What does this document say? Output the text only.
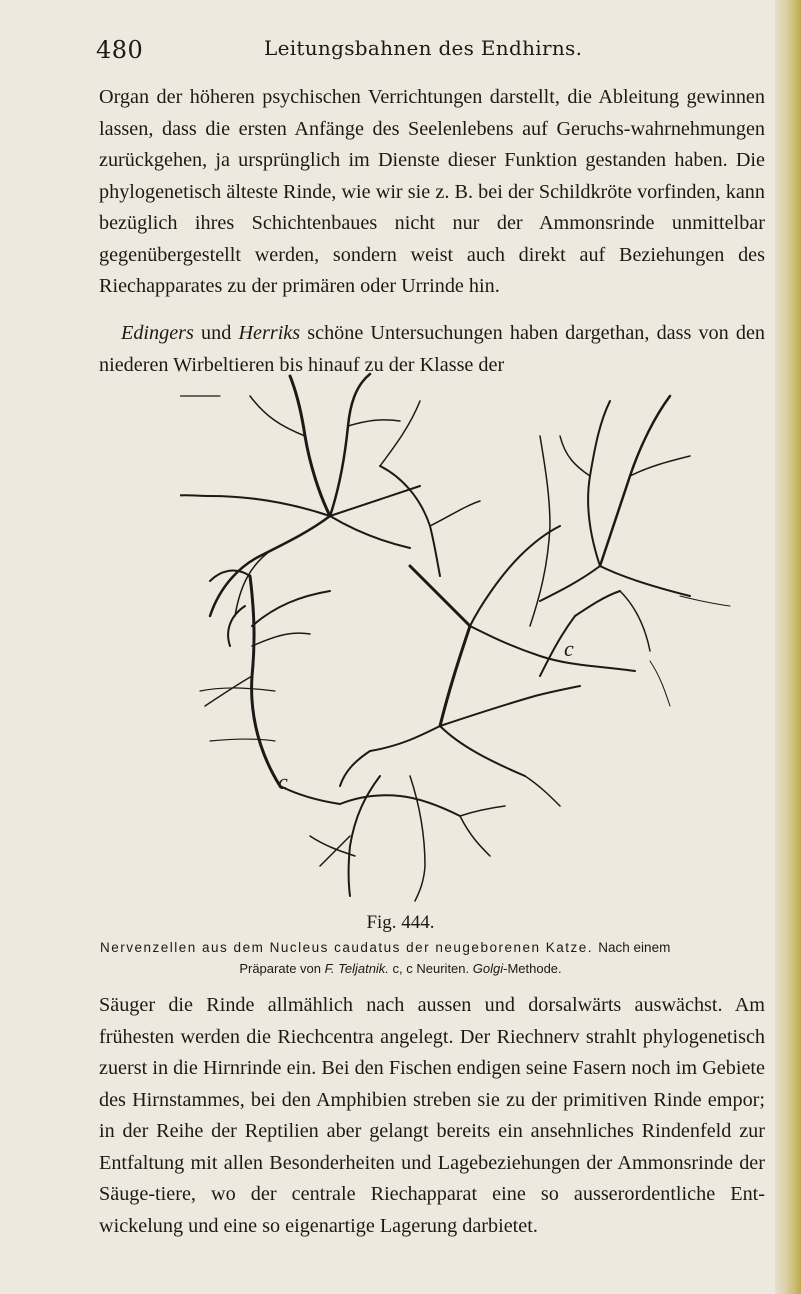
480	Leitungsbahnen des Endhirns.

Organ der höheren psychischen Verrichtungen darstellt, die Ableitung gewinnen lassen, dass die ersten Anfänge des Seelenlebens auf Geruchs-wahrnehmungen zurückgehen, ja ursprünglich im Dienste dieser Funktion gestanden haben. Die phylogenetisch älteste Rinde, wie wir sie z. B. bei der Schildkröte vorfinden, kann bezüglich ihres Schichtenbaues nicht nur der Ammonsrinde unmittelbar gegenübergestellt werden, sondern weist auch direkt auf Beziehungen des Riechapparates zu der primären oder Urrinde hin.

Edingers und Herriks schöne Untersuchungen haben dargethan, dass von den niederen Wirbeltieren bis hinauf zu der Klasse der

c
c
Fig. 444.
Nervenzellen aus dem Nucleus caudatus der neugeborenen Katze. Nach einem
Präparate von F. Teljatnik. c, c Neuriten. Golgi-Methode.

Säuger die Rinde allmählich nach aussen und dorsalwärts auswächst. Am frühesten werden die Riechcentra angelegt. Der Riechnerv strahlt phylogenetisch zuerst in die Hirnrinde ein. Bei den Fischen endigen seine Fasern noch im Gebiete des Hirnstammes, bei den Amphibien streben sie zu der primitiven Rinde empor; in der Reihe der Reptilien aber gelangt bereits ein ansehnliches Rindenfeld zur Entfaltung mit allen Besonderheiten und Lagebeziehungen der Ammonsrinde der Säuge-tiere, wo der centrale Riechapparat eine so ausserordentliche Ent-wickelung und eine so eigenartige Lagerung darbietet.
